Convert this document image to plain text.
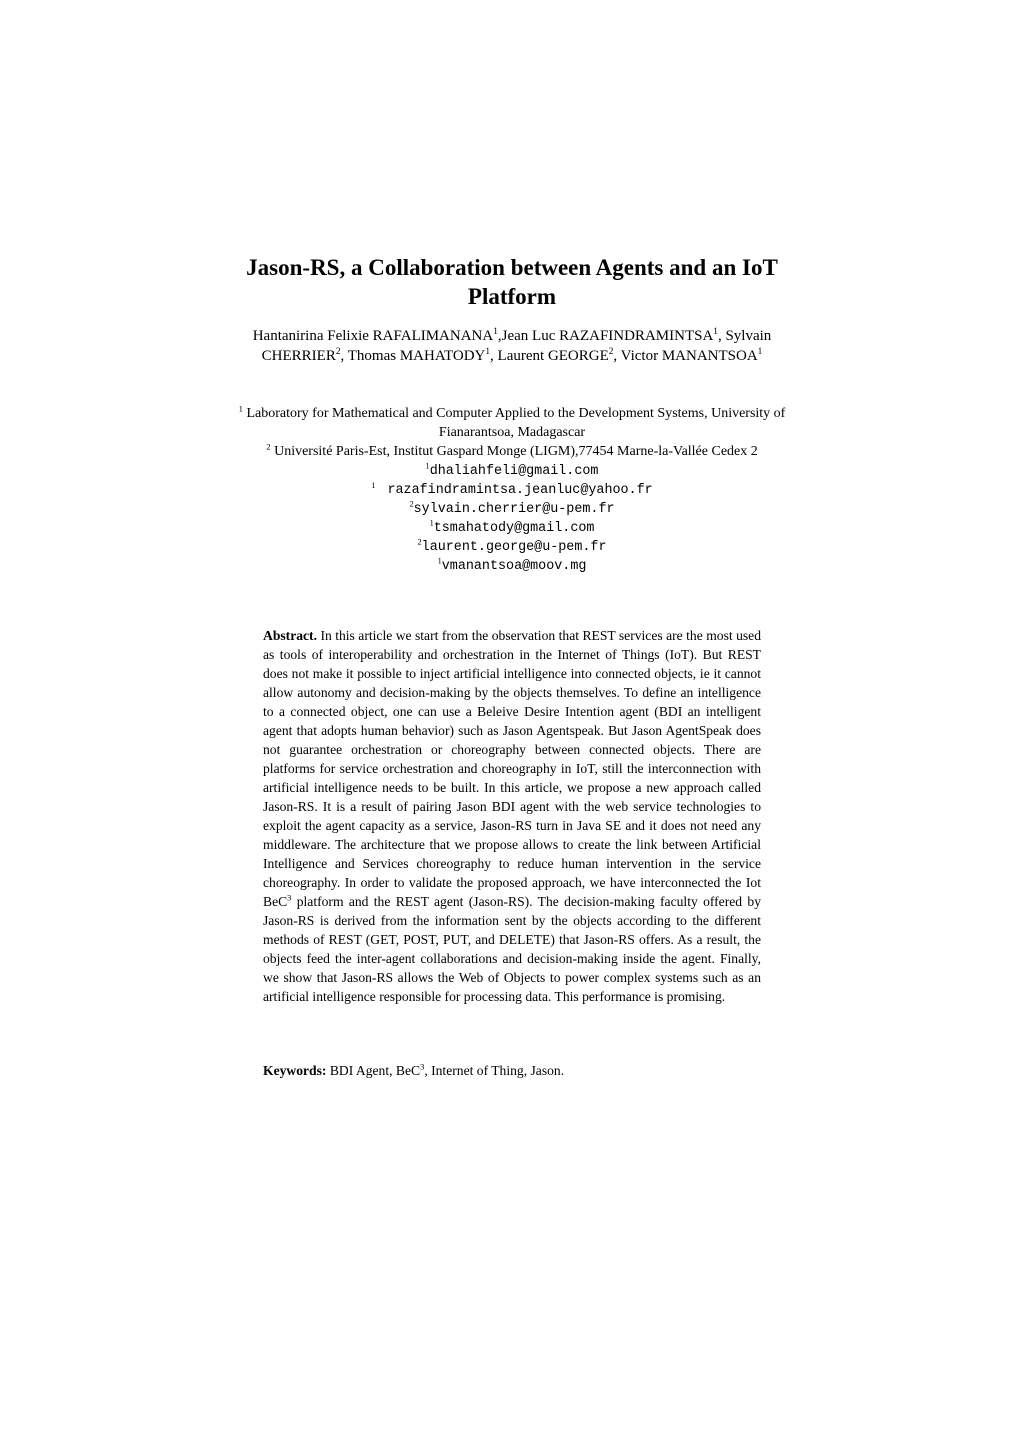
Jason-RS, a Collaboration between Agents and an IoT Platform
Hantanirina Felixie RAFALIMANANA$^1$,Jean Luc RAZAFINDRAMINTSA$^1$, Sylvain CHERRIER$^2$, Thomas MAHATODY$^1$, Laurent GEORGE$^2$, Victor MANANTSOA$^1$
$^1$ Laboratory for Mathematical and Computer Applied to the Development Systems, University of Fianarantsoa, Madagascar
$^2$ Université Paris-Est, Institut Gaspard Monge (LIGM),77454 Marne-la-Vallée Cedex 2
$^1$dhaliahfeli@gmail.com
$^1$ razafindramintsa.jeanluc@yahoo.fr
$^2$sylvain.cherrier@u-pem.fr
$^1$tsmahatody@gmail.com
$^2$laurent.george@u-pem.fr
$^1$vmanantsoa@moov.mg
Abstract. In this article we start from the observation that REST services are the most used as tools of interoperability and orchestration in the Internet of Things (IoT). But REST does not make it possible to inject artificial intelligence into connected objects, ie it cannot allow autonomy and decision-making by the objects themselves. To define an intelligence to a connected object, one can use a Beleive Desire Intention agent (BDI an intelligent agent that adopts human behavior) such as Jason Agentspeak. But Jason AgentSpeak does not guarantee orchestration or choreography between connected objects. There are platforms for service orchestration and choreography in IoT, still the interconnection with artificial intelligence needs to be built. In this article, we propose a new approach called Jason-RS. It is a result of pairing Jason BDI agent with the web service technologies to exploit the agent capacity as a service, Jason-RS turn in Java SE and it does not need any middleware. The architecture that we propose allows to create the link between Artificial Intelligence and Services choreography to reduce human intervention in the service choreography. In order to validate the proposed approach, we have interconnected the Iot BeC$^3$ platform and the REST agent (Jason-RS). The decision-making faculty offered by Jason-RS is derived from the information sent by the objects according to the different methods of REST (GET, POST, PUT, and DELETE) that Jason-RS offers. As a result, the objects feed the inter-agent collaborations and decision-making inside the agent. Finally, we show that Jason-RS allows the Web of Objects to power complex systems such as an artificial intelligence responsible for processing data. This performance is promising.
Keywords: BDI Agent, BeC$^3$, Internet of Thing, Jason.
